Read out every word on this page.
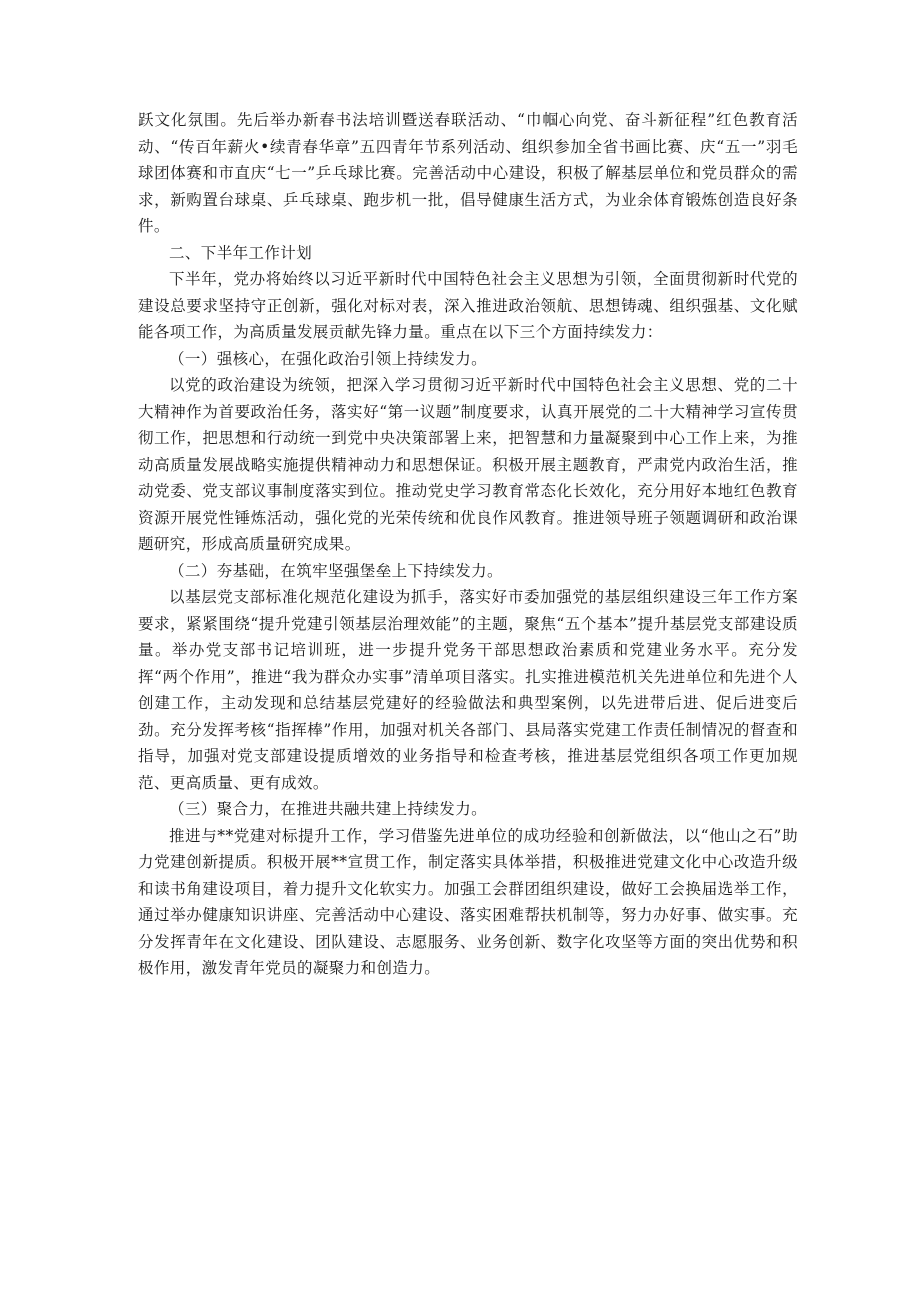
跃文化氛围。先后举办新春书法培训暨送春联活动、“巾帼心向党、奋斗新征程”红色教育活动、“传百年薪火•续青春华章”五四青年节系列活动、组织参加全省书画比赛、庆“五一”羽毛球团体赛和市直庆“七一”乒乓球比赛。完善活动中心建设，积极了解基层单位和党员群众的需求，新购置台球桌、乒乓球桌、跑步机一批，倡导健康生活方式，为业余体育锻炼创造良好条件。

二、下半年工作计划

下半年，党办将始终以习近平新时代中国特色社会主义思想为引领，全面贯彻新时代党的建设总要求坚持守正创新，强化对标对表，深入推进政治领航、思想铸魂、组织强基、文化赋能各项工作，为高质量发展贡献先锋力量。重点在以下三个方面持续发力：

（一）强核心，在强化政治引领上持续发力。

以党的政治建设为统领，把深入学习贯彻习近平新时代中国特色社会主义思想、党的二十大精神作为首要政治任务，落实好“第一议题”制度要求，认真开展党的二十大精神学习宣传贯彻工作，把思想和行动统一到党中央决策部署上来，把智慧和力量凝聚到中心工作上来，为推动高质量发展战略实施提供精神动力和思想保证。积极开展主题教育，严肃党内政治生活，推动党委、党支部议事制度落实到位。推动党史学习教育常态化长效化，充分用好本地红色教育资源开展党性锤炼活动，强化党的光荣传统和优良作风教育。推进领导班子领题调研和政治课题研究，形成高质量研究成果。

（二）夯基础，在筑牢坚强堡垒上下持续发力。

以基层党支部标准化规范化建设为抓手，落实好市委加强党的基层组织建设三年工作方案要求，紧紧围绕“提升党建引领基层治理效能”的主题，聚焦“五个基本”提升基层党支部建设质量。举办党支部书记培训班，进一步提升党务干部思想政治素质和党建业务水平。充分发挥“两个作用”，推进“我为群众办实事”清单项目落实。扎实推进模范机关先进单位和先进个人创建工作，主动发现和总结基层党建好的经验做法和典型案例，以先进带后进、促后进变后劲。充分发挥考核“指挥棒”作用，加强对机关各部门、县局落实党建工作责任制情况的督查和指导，加强对党支部建设提质增效的业务指导和检查考核，推进基层党组织各项工作更加规范、更高质量、更有成效。

（三）聚合力，在推进共融共建上持续发力。

推进与**党建对标提升工作，学习借鉴先进单位的成功经验和创新做法，以“他山之石”助力党建创新提质。积极开展**宣贯工作，制定落实具体举措，积极推进党建文化中心改造升级和读书角建设项目，着力提升文化软实力。加强工会群团组织建设，做好工会换届选举工作，通过举办健康知识讲座、完善活动中心建设、落实困难帮扶机制等，努力办好事、做实事。充分发挥青年在文化建设、团队建设、志愿服务、业务创新、数字化攻坚等方面的突出优势和积极作用，激发青年党员的凝聚力和创造力。
